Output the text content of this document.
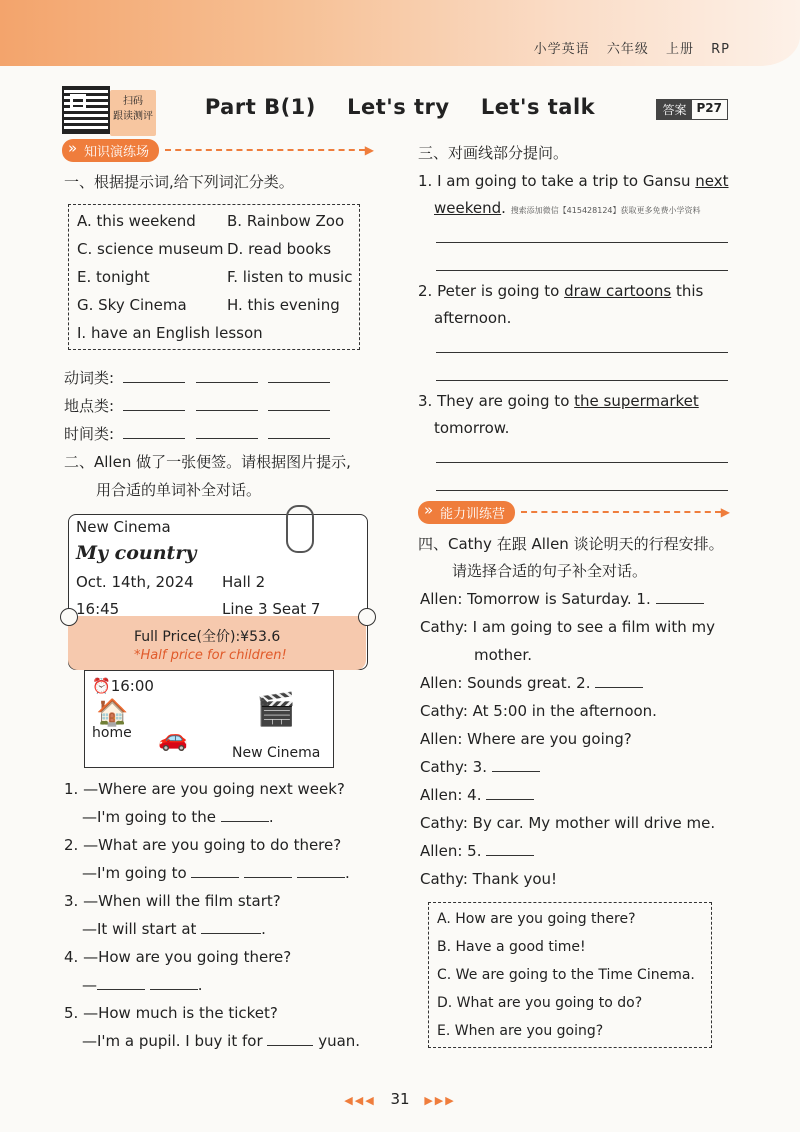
小学英语 六年级 上册 RP
扫码
跟读测评	Part B(1)    Let's try    Let's talk	答案 P27
» 知识演练场	▶
一、根据提示词,给下列词汇分类。
A. this weekend B. Rainbow Zoo
C. science museum D. read books
E. tonight	F. listen to music
G. Sky Cinema	H. this evening
I. have an English lesson
动词类:
地点类:
时间类:
二、Allen 做了一张便签。请根据图片提示,
用合适的单词补全对话。
New Cinema
My country
Oct. 14th, 2024 Hall 2
16:45	Line 3 Seat 7
Full Price(全价):¥53.6
*Half price for children!
⏰16:00
🏠
home 🚗
🎬
New Cinema
1. —Where are you going next week?
—I'm going to the	.
2. —What are you going to do there?
—I'm going to	.
3. —When will the film start?
—It will start at	.
4. —How are you going there?
—	.
5. —How much is the ticket?
—I'm a pupil. I buy it for	yuan.
三、对画线部分提问。
1. I am going to take a trip to Gansu next
weekend. 搜索添加微信【415428124】获取更多免费小学资料
2. Peter is going to draw cartoons this
afternoon.
3. They are going to the supermarket
tomorrow.
» 能力训练营	▶
四、Cathy 在跟 Allen 谈论明天的行程安排。
请选择合适的句子补全对话。
Allen: Tomorrow is Saturday. 1.
Cathy: I am going to see a film with my
mother.
Allen: Sounds great. 2.
Cathy: At 5:00 in the afternoon.
Allen: Where are you going?
Cathy: 3.
Allen: 4.
Cathy: By car. My mother will drive me.
Allen: 5.
Cathy: Thank you!
A. How are you going there?
B. Have a good time!
C. We are going to the Time Cinema.
D. What are you going to do?
E. When are you going?
◀◀◀ 31 ▶▶▶
